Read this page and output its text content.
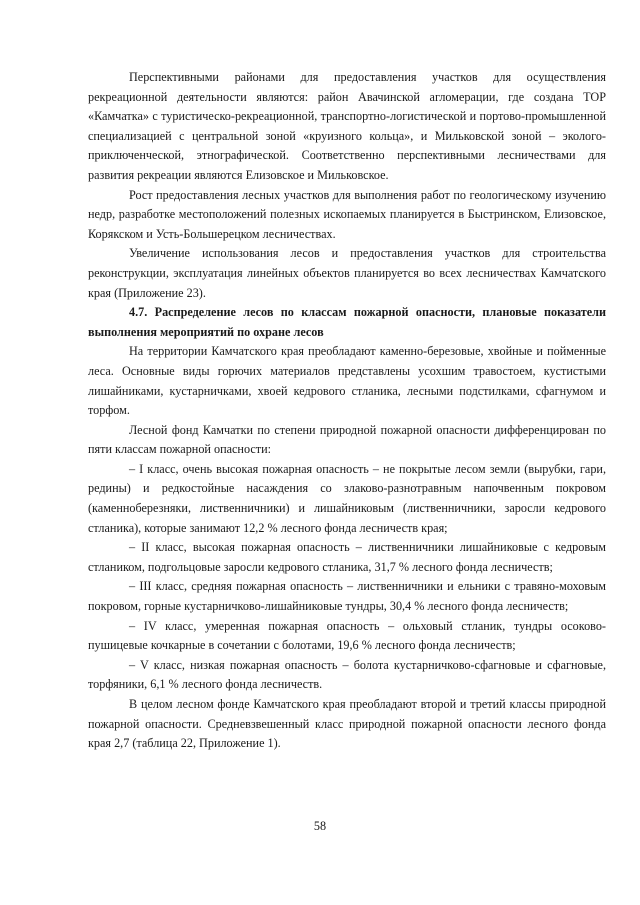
Перспективными районами для предоставления участков для осуществления рекреационной деятельности являются: район Авачинской агломерации, где создана ТОР «Камчатка» с туристическо-рекреационной, транспортно-логистической и портово-промышленной специализацией с центральной зоной «круизного кольца», и Мильковской зоной – эколого-приключенческой, этнографической. Соответственно перспективными лесничествами для развития рекреации являются Елизовское и Мильковское.

Рост предоставления лесных участков для выполнения работ по геологическому изучению недр, разработке местоположений полезных ископаемых планируется в Быстринском, Елизовское, Корякском и Усть-Большерецком лесничествах.

Увеличение использования лесов и предоставления участков для строительства реконструкции, эксплуатация линейных объектов планируется во всех лесничествах Камчатского края (Приложение 23).

4.7. Распределение лесов по классам пожарной опасности, плановые показатели выполнения мероприятий по охране лесов

На территории Камчатского края преобладают каменно-березовые, хвойные и пойменные леса. Основные виды горючих материалов представлены усохшим травостоем, кустистыми лишайниками, кустарничками, хвоей кедрового стланика, лесными подстилками, сфагнумом и торфом.

Лесной фонд Камчатки по степени природной пожарной опасности дифференцирован по пяти классам пожарной опасности:

– I класс, очень высокая пожарная опасность – не покрытые лесом земли (вырубки, гари, редины) и редкостойные насаждения со злаково-разнотравным напочвенным покровом (каменноберезняки, лиственничники) и лишайниковым (лиственничники, заросли кедрового стланика), которые занимают 12,2 % лесного фонда лесничеств края;

– II класс, высокая пожарная опасность – лиственничники лишайниковые с кедровым стлаником, подгольцовые заросли кедрового стланика, 31,7 % лесного фонда лесничеств;

– III класс, средняя пожарная опасность – лиственничники и ельники с травяно-моховым покровом, горные кустарничково-лишайниковые тундры, 30,4 % лесного фонда лесничеств;

– IV класс, умеренная пожарная опасность – ольховый стланик, тундры осоково-пушицевые кочкарные в сочетании с болотами, 19,6 % лесного фонда лесничеств;

– V класс, низкая пожарная опасность – болота кустарничково-сфагновые и сфагновые, торфяники, 6,1 % лесного фонда лесничеств.

В целом лесном фонде Камчатского края преобладают второй и третий классы природной пожарной опасности. Средневзвешенный класс природной пожарной опасности лесного фонда края 2,7 (таблица 22, Приложение 1).

58
